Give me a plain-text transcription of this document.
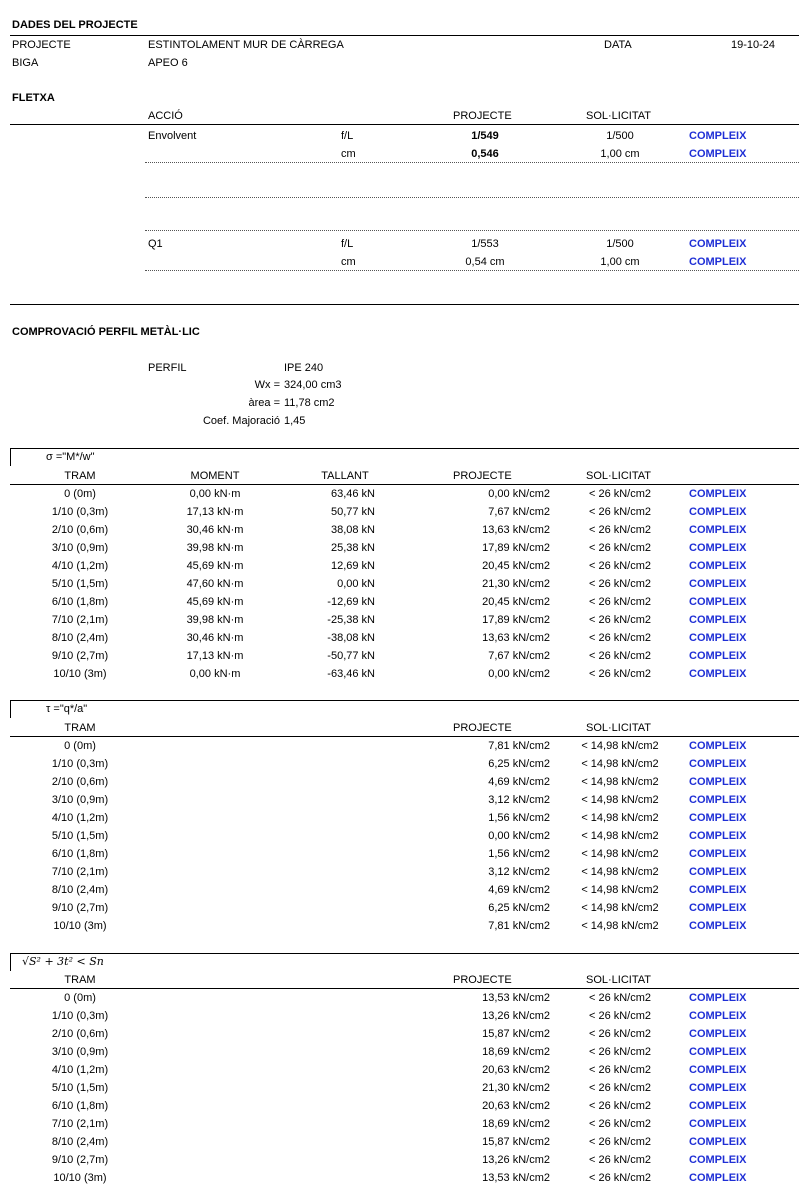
DADES DEL PROJECTE
PROJECTE	ESTINTOLAMENT MUR DE CÀRREGA	DATA	19-10-24
BIGA	APEO 6
FLETXA
ACCIÓ	PROJECTE	SOL·LICITAT
Envolvent	f/L	1/549	1/500	COMPLEIX
cm	0,546	1,00 cm	COMPLEIX
Q1	f/L	1/553	1/500	COMPLEIX
cm	0,54 cm	1,00 cm	COMPLEIX
COMPROVACIÓ PERFIL METÀL·LIC
PERFIL	IPE 240
Wx = 324,00 cm3
àrea = 11,78 cm2
Coef. Majoració 1,45
σ ="M*/w"
TRAM	MOMENT	TALLANT	PROJECTE	SOL·LICITAT
0 (0m)	0,00 kN·m	63,46 kN	0,00 kN/cm2	< 26 kN/cm2	COMPLEIX
1/10 (0,3m)	17,13 kN·m	50,77 kN	7,67 kN/cm2	< 26 kN/cm2	COMPLEIX
2/10 (0,6m)	30,46 kN·m	38,08 kN	13,63 kN/cm2	< 26 kN/cm2	COMPLEIX
3/10 (0,9m)	39,98 kN·m	25,38 kN	17,89 kN/cm2	< 26 kN/cm2	COMPLEIX
4/10 (1,2m)	45,69 kN·m	12,69 kN	20,45 kN/cm2	< 26 kN/cm2	COMPLEIX
5/10 (1,5m)	47,60 kN·m	0,00 kN	21,30 kN/cm2	< 26 kN/cm2	COMPLEIX
6/10 (1,8m)	45,69 kN·m	-12,69 kN	20,45 kN/cm2	< 26 kN/cm2	COMPLEIX
7/10 (2,1m)	39,98 kN·m	-25,38 kN	17,89 kN/cm2	< 26 kN/cm2	COMPLEIX
8/10 (2,4m)	30,46 kN·m	-38,08 kN	13,63 kN/cm2	< 26 kN/cm2	COMPLEIX
9/10 (2,7m)	17,13 kN·m	-50,77 kN	7,67 kN/cm2	< 26 kN/cm2	COMPLEIX
10/10 (3m)	0,00 kN·m	-63,46 kN	0,00 kN/cm2	< 26 kN/cm2	COMPLEIX
τ ="q*/a"
TRAM	PROJECTE	SOL·LICITAT
0 (0m)	7,81 kN/cm2	< 14,98 kN/cm2	COMPLEIX
1/10 (0,3m)	6,25 kN/cm2	< 14,98 kN/cm2	COMPLEIX
2/10 (0,6m)	4,69 kN/cm2	< 14,98 kN/cm2	COMPLEIX
3/10 (0,9m)	3,12 kN/cm2	< 14,98 kN/cm2	COMPLEIX
4/10 (1,2m)	1,56 kN/cm2	< 14,98 kN/cm2	COMPLEIX
5/10 (1,5m)	0,00 kN/cm2	< 14,98 kN/cm2	COMPLEIX
6/10 (1,8m)	1,56 kN/cm2	< 14,98 kN/cm2	COMPLEIX
7/10 (2,1m)	3,12 kN/cm2	< 14,98 kN/cm2	COMPLEIX
8/10 (2,4m)	4,69 kN/cm2	< 14,98 kN/cm2	COMPLEIX
9/10 (2,7m)	6,25 kN/cm2	< 14,98 kN/cm2	COMPLEIX
10/10 (3m)	7,81 kN/cm2	< 14,98 kN/cm2	COMPLEIX
√S² + 3t² < Sn
TRAM	PROJECTE	SOL·LICITAT
0 (0m)	13,53 kN/cm2	< 26 kN/cm2	COMPLEIX
1/10 (0,3m)	13,26 kN/cm2	< 26 kN/cm2	COMPLEIX
2/10 (0,6m)	15,87 kN/cm2	< 26 kN/cm2	COMPLEIX
3/10 (0,9m)	18,69 kN/cm2	< 26 kN/cm2	COMPLEIX
4/10 (1,2m)	20,63 kN/cm2	< 26 kN/cm2	COMPLEIX
5/10 (1,5m)	21,30 kN/cm2	< 26 kN/cm2	COMPLEIX
6/10 (1,8m)	20,63 kN/cm2	< 26 kN/cm2	COMPLEIX
7/10 (2,1m)	18,69 kN/cm2	< 26 kN/cm2	COMPLEIX
8/10 (2,4m)	15,87 kN/cm2	< 26 kN/cm2	COMPLEIX
9/10 (2,7m)	13,26 kN/cm2	< 26 kN/cm2	COMPLEIX
10/10 (3m)	13,53 kN/cm2	< 26 kN/cm2	COMPLEIX
